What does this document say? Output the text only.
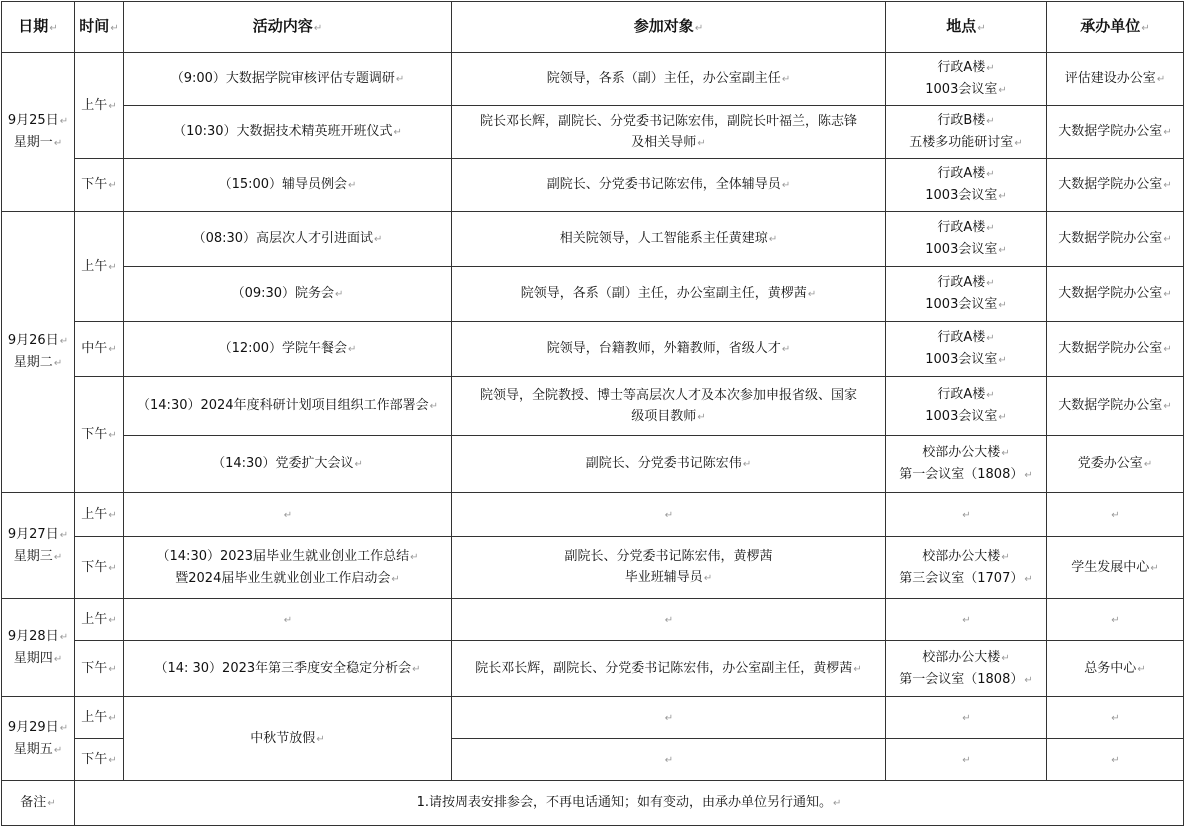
日期 ↵	时间 ↵	活动内容 ↵	参加对象 ↵	地点 ↵	承办单位 ↵

9月25日 ↵
星期一 ↵	上午 ↵	（9:00）大数据学院审核评估专题调研 ↵	院领导，各系（副）主任，办公室副主任 ↵	行政A楼 ↵
1003会议室 ↵	评估建设办公室 ↵
		（10:30）大数据技术精英班开班仪式 ↵	院长邓长辉，副院长、分党委书记陈宏伟，副院长叶福兰，陈志锋
及相关导师 ↵	行政B楼 ↵
五楼多功能研讨室 ↵	大数据学院办公室 ↵
	下午 ↵	（15:00）辅导员例会 ↵	副院长、分党委书记陈宏伟，全体辅导员 ↵	行政A楼 ↵
1003会议室 ↵	大数据学院办公室 ↵

9月26日 ↵
星期二 ↵	上午 ↵	（08:30）高层次人才引进面试 ↵	相关院领导，人工智能系主任黄建琼 ↵	行政A楼 ↵
1003会议室 ↵	大数据学院办公室 ↵
		（09:30）院务会 ↵	院领导，各系（副）主任，办公室副主任，黄椤茜 ↵	行政A楼 ↵
1003会议室 ↵	大数据学院办公室 ↵
	中午 ↵	（12:00）学院午餐会 ↵	院领导，台籍教师，外籍教师，省级人才 ↵	行政A楼 ↵
1003会议室 ↵	大数据学院办公室 ↵
	下午 ↵	（14:30）2024年度科研计划项目组织工作部署会 ↵	院领导，全院教授、博士等高层次人才及本次参加申报省级、国家
级项目教师 ↵	行政A楼 ↵
1003会议室 ↵	大数据学院办公室 ↵
		（14:30）党委扩大会议 ↵	副院长、分党委书记陈宏伟 ↵	校部办公大楼 ↵
第一会议室（1808） ↵	党委办公室 ↵

9月27日 ↵
星期三 ↵	上午 ↵	↵	↵	↵	↵
	下午 ↵	（14:30）2023届毕业生就业创业工作总结 ↵
暨2024届毕业生就业创业工作启动会 ↵	副院长、分党委书记陈宏伟，黄椤茜
毕业班辅导员 ↵	校部办公大楼 ↵
第三会议室（1707） ↵	学生发展中心 ↵

9月28日 ↵
星期四 ↵	上午 ↵	↵	↵	↵	↵
	下午 ↵	（14: 30）2023年第三季度安全稳定分析会 ↵	院长邓长辉，副院长、分党委书记陈宏伟，办公室副主任，黄椤茜 ↵	校部办公大楼 ↵
第一会议室（1808） ↵	总务中心 ↵

9月29日 ↵
星期五 ↵	上午 ↵	中秋节放假 ↵	↵	↵	↵
	下午 ↵	↵	↵	↵
备注 ↵	1.请按周表安排参会，不再电话通知；如有变动，由承办单位另行通知。 ↵
